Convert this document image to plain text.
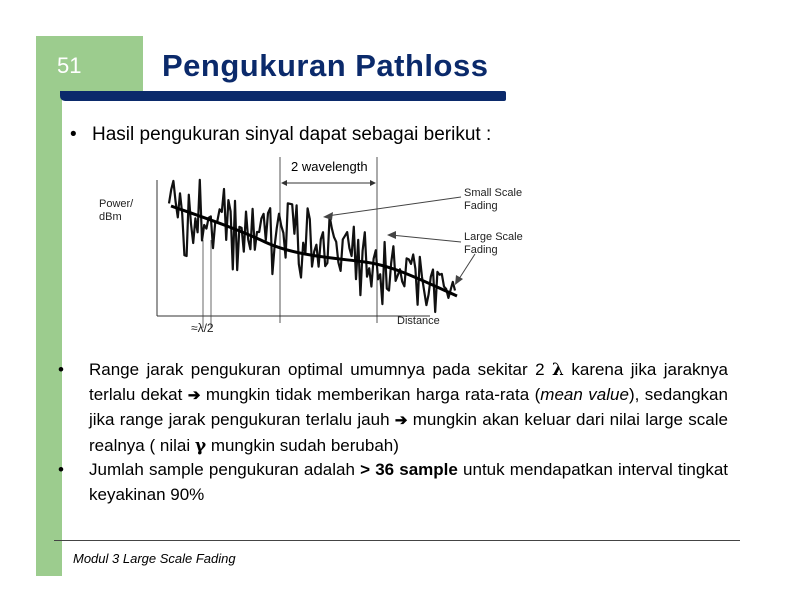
51	Pengukuran Pathloss
• Hasil pengukuran sinyal dapat sebagai berikut :
2 wavelength
Power/
dBm
Distance
≈λ/2
Small Scale
Fading
Large Scale
Fading
• Range jarak pengukuran optimal umumnya pada sekitar 2 λ karena jika jaraknya terlalu dekat ➔ mungkin tidak memberikan harga rata-rata (mean value), sedangkan jika range jarak pengukuran terlalu jauh ➔ mungkin akan keluar dari nilai large scale realnya ( nilai γ mungkin sudah berubah)
• Jumlah sample pengukuran adalah > 36 sample untuk mendapatkan interval tingkat keyakinan 90%
Modul 3 Large Scale Fading
